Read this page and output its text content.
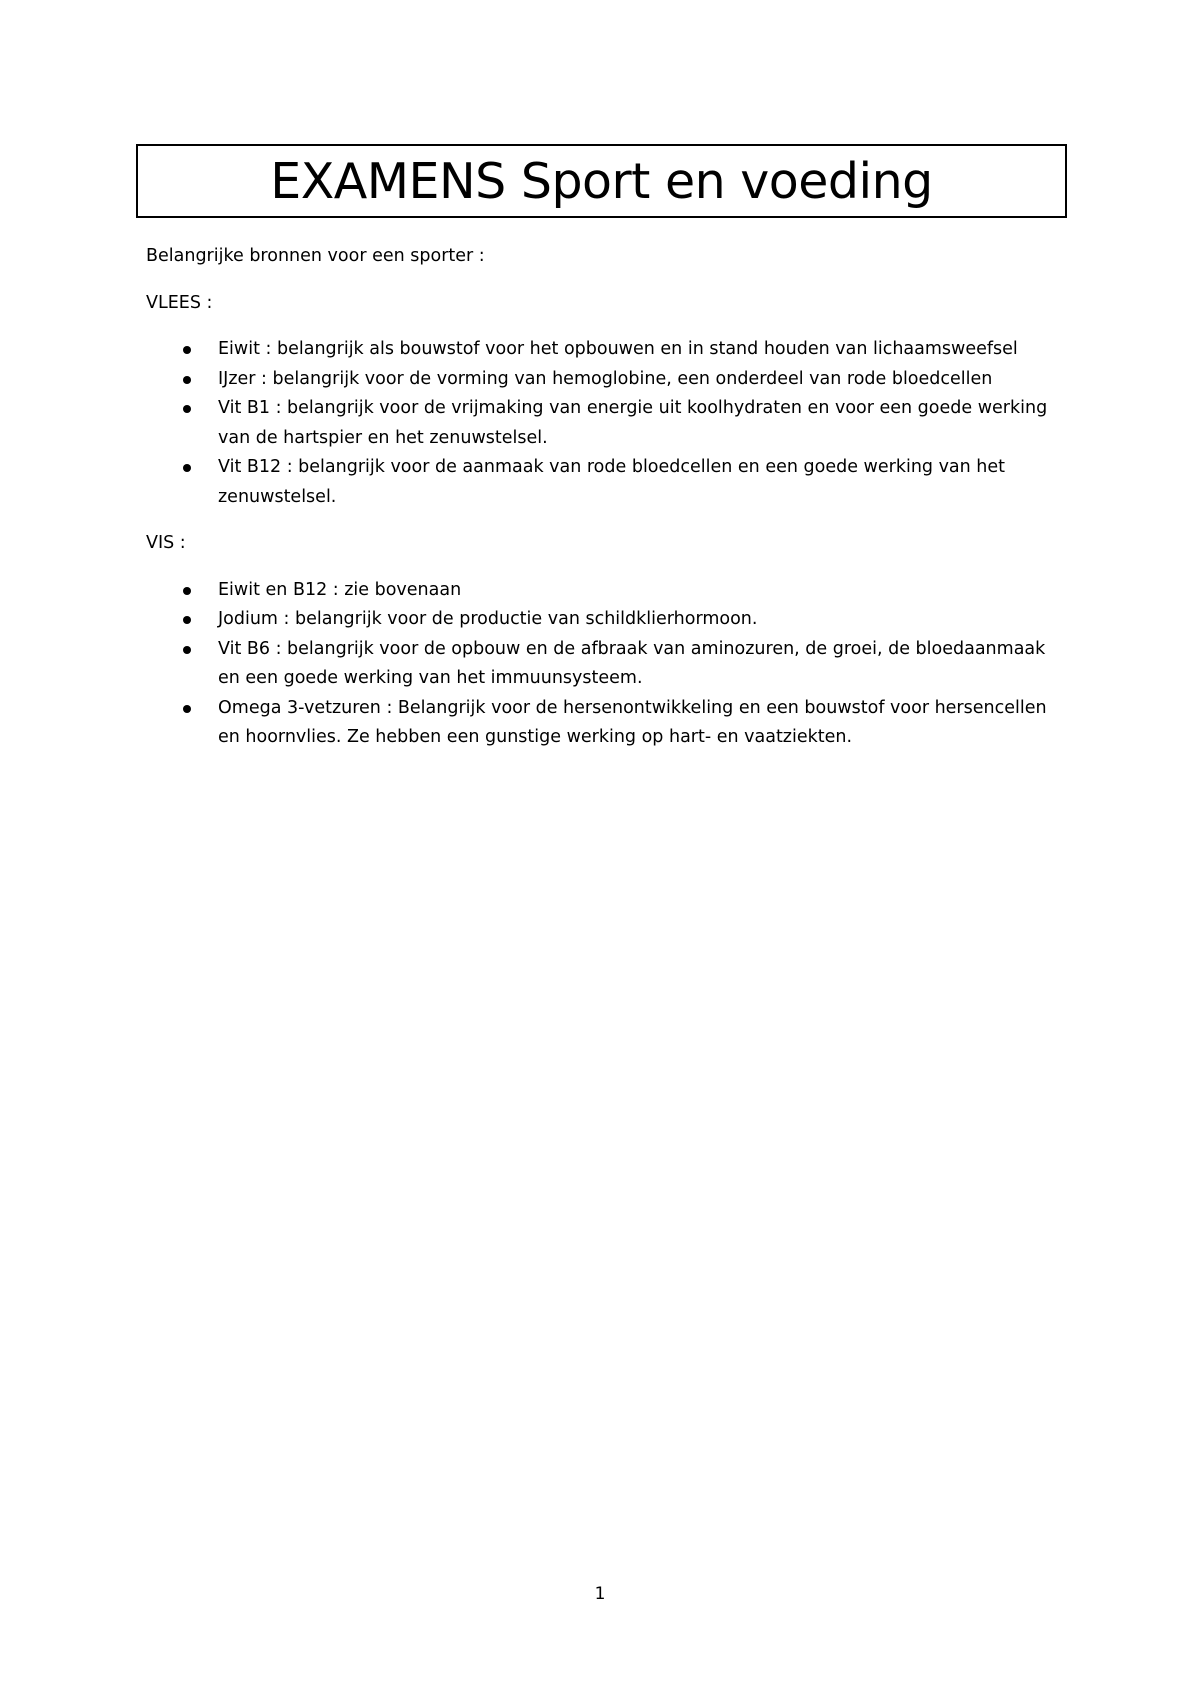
EXAMENS Sport en voeding

Belangrijke bronnen voor een sporter :

VLEES :

Eiwit : belangrijk als bouwstof voor het opbouwen en in stand houden van lichaamsweefsel
IJzer : belangrijk voor de vorming van hemoglobine, een onderdeel van rode bloedcellen
Vit B1 : belangrijk voor de vrijmaking van energie uit koolhydraten en voor een goede werking van de hartspier en het zenuwstelsel.
Vit B12 : belangrijk voor de aanmaak van rode bloedcellen en een goede werking van het zenuwstelsel.

VIS :

Eiwit en B12 : zie bovenaan
Jodium : belangrijk voor de productie van schildklierhormoon.
Vit B6 : belangrijk voor de opbouw en de afbraak van aminozuren, de groei, de bloedaanmaak en een goede werking van het immuunsysteem.
Omega 3-vetzuren : Belangrijk voor de hersenontwikkeling en een bouwstof voor hersencellen en hoornvlies. Ze hebben een gunstige werking op hart- en vaatziekten.
1
